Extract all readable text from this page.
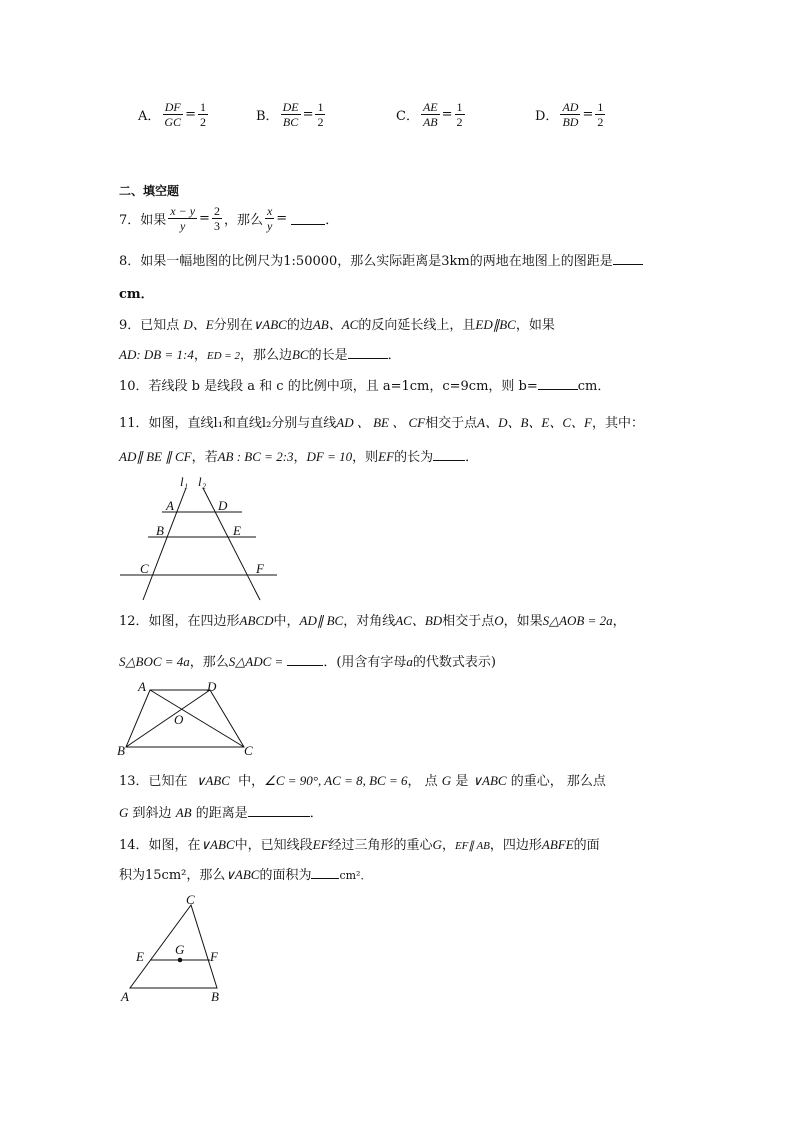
A． $\frac{DF}{GC} = \frac{1}{2}$	B． $\frac{DE}{BC} = \frac{1}{2}$	C． $\frac{AE}{AB} = \frac{1}{2}$	D． $\frac{AD}{BD} = \frac{1}{2}$
二、填空题
7．如果 $\frac{x - y}{y} = \frac{2}{3}$ ，那么 $\frac{x}{y}$ =	．
8．如果一幅地图的比例尺为1:50000，那么实际距离是3km的两地在地图上的图距是
cm．
9．已知点 D、E分别在∨ABC的边AB、AC的反向延长线上，且ED∥BC，如果
AD: DB = 1:4，ED = 2，那么边BC的长是	．
10．若线段 b 是线段 a 和 c 的比例中项，且 a=1cm，c=9cm，则 b=	cm．
11．如图，直线l₁和直线l₂分别与直线AD 、 BE 、 CF相交于点A、D、B、E、C、F，其中：
AD∥ BE ∥ CF，若AB : BC = 2:3，DF = 10，则EF的长为 ．
l₁ l₂
A	D
B	E
C	F
12．如图，在四边形ABCD中，AD∥ BC，对角线AC、BD相交于点O，如果S△AOB = 2a，
S△BOC = 4a，那么S△ADC =	．(用含有字母a的代数式表示)
A	D
O
B	C
13．已知在 ∨ABC 中，∠C = 90°, AC = 8, BC = 6， 点 G 是 ∨ABC 的重心， 那么点
G 到斜边 AB 的距离是	．
14．如图，在∨ABC中，已知线段EF经过三角形的重心G，EF∥ AB，四边形ABFE的面
积为15cm²，那么∨ABC的面积为	cm²．
C
E G F
A	B
